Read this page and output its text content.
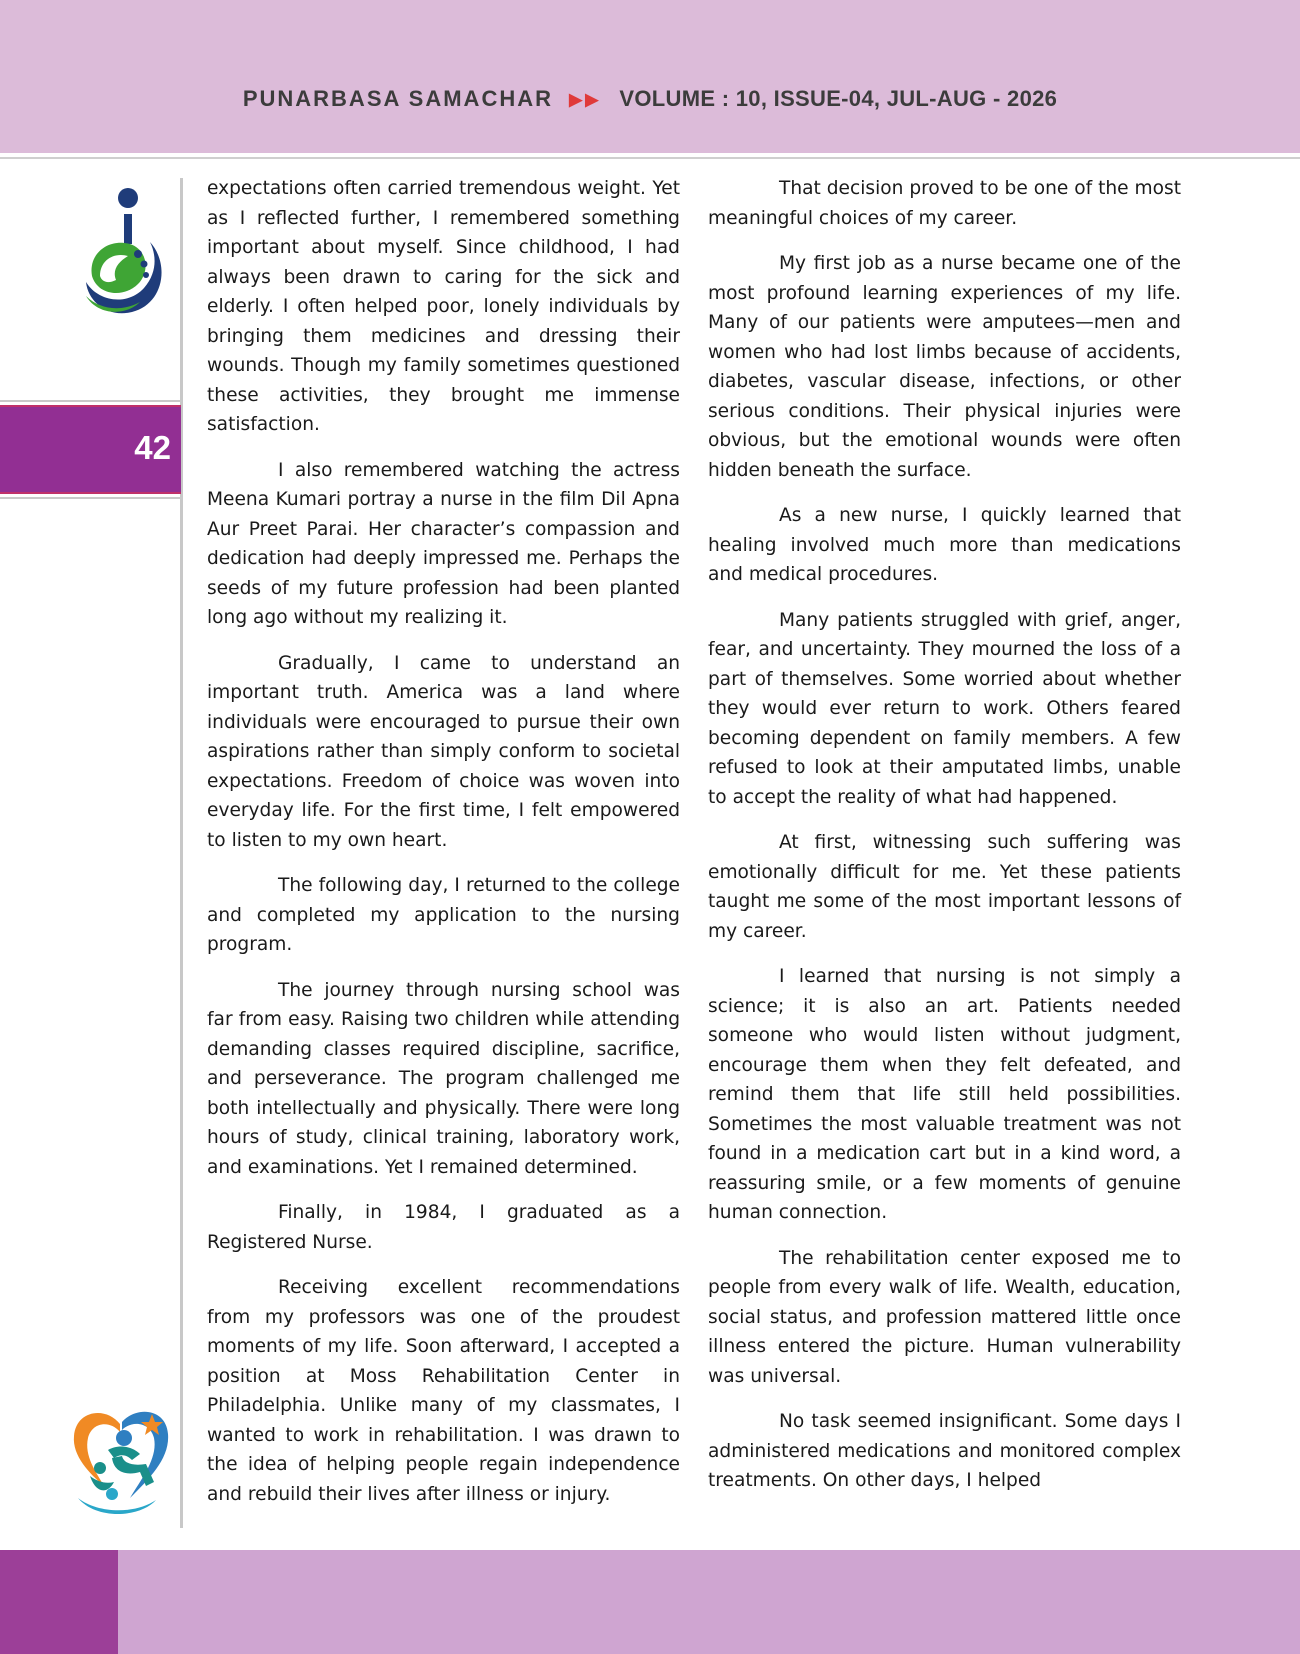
PUNARBASA SAMACHAR ▶▶ VOLUME : 10, ISSUE-04, JUL-AUG - 2026
42

expectations often carried tremendous weight. Yet as I reflected further, I remembered something important about myself. Since childhood, I had always been drawn to caring for the sick and elderly. I often helped poor, lonely individuals by bringing them medicines and dressing their wounds. Though my family sometimes questioned these activities, they brought me immense satisfaction.

I also remembered watching the actress Meena Kumari portray a nurse in the film Dil Apna Aur Preet Parai. Her character’s compassion and dedication had deeply impressed me. Perhaps the seeds of my future profession had been planted long ago without my realizing it.

Gradually, I came to understand an important truth. America was a land where individuals were encouraged to pursue their own aspirations rather than simply conform to societal expectations. Freedom of choice was woven into everyday life. For the first time, I felt empowered to listen to my own heart.

The following day, I returned to the college and completed my application to the nursing program.

The journey through nursing school was far from easy. Raising two children while attending demanding classes required discipline, sacrifice, and perseverance. The program challenged me both intellectually and physically. There were long hours of study, clinical training, laboratory work, and examinations. Yet I remained determined.

Finally, in 1984, I graduated as a Registered Nurse.

Receiving excellent recommendations from my professors was one of the proudest moments of my life. Soon afterward, I accepted a position at Moss Rehabilitation Center in Philadelphia. Unlike many of my classmates, I wanted to work in rehabilitation. I was drawn to the idea of helping people regain independence and rebuild their lives after illness or injury.

That decision proved to be one of the most meaningful choices of my career.

My first job as a nurse became one of the most profound learning experiences of my life. Many of our patients were amputees—men and women who had lost limbs because of accidents, diabetes, vascular disease, infections, or other serious conditions. Their physical injuries were obvious, but the emotional wounds were often hidden beneath the surface.

As a new nurse, I quickly learned that healing involved much more than medications and medical procedures.

Many patients struggled with grief, anger, fear, and uncertainty. They mourned the loss of a part of themselves. Some worried about whether they would ever return to work. Others feared becoming dependent on family members. A few refused to look at their amputated limbs, unable to accept the reality of what had happened.

At first, witnessing such suffering was emotionally difficult for me. Yet these patients taught me some of the most important lessons of my career.

I learned that nursing is not simply a science; it is also an art. Patients needed someone who would listen without judgment, encourage them when they felt defeated, and remind them that life still held possibilities. Sometimes the most valuable treatment was not found in a medication cart but in a kind word, a reassuring smile, or a few moments of genuine human connection.

The rehabilitation center exposed me to people from every walk of life. Wealth, education, social status, and profession mattered little once illness entered the picture. Human vulnerability was universal.

No task seemed insignificant. Some days I administered medications and monitored complex treatments. On other days, I helped
